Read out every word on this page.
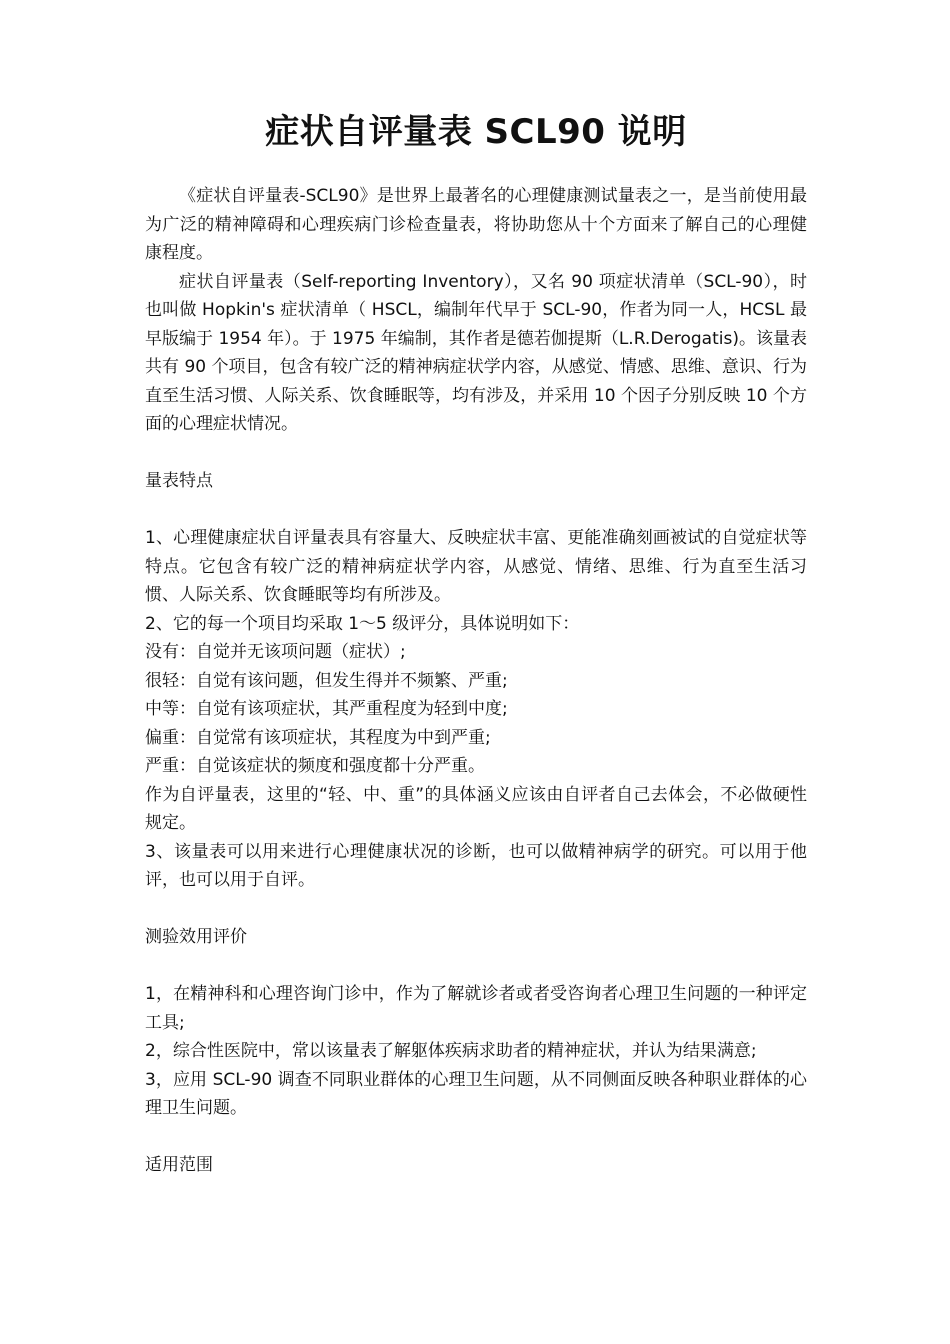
症状自评量表 SCL90 说明

《症状自评量表-SCL90》是世界上最著名的心理健康测试量表之一，是当前使用最为广泛的精神障碍和心理疾病门诊检查量表，将协助您从十个方面来了解自己的心理健康程度。

症状自评量表（Self-reporting Inventory），又名 90 项症状清单（SCL-90），时也叫做 Hopkin's 症状清单（ HSCL，编制年代早于 SCL-90，作者为同一人，HCSL 最早版编于 1954 年）。于 1975 年编制，其作者是德若伽提斯（L.R.Derogatis)。该量表共有 90 个项目，包含有较广泛的精神病症状学内容，从感觉、情感、思维、意识、行为直至生活习惯、人际关系、饮食睡眠等，均有涉及，并采用 10 个因子分别反映 10 个方面的心理症状情况。

量表特点

1、心理健康症状自评量表具有容量大、反映症状丰富、更能准确刻画被试的自觉症状等特点。它包含有较广泛的精神病症状学内容，从感觉、情绪、思维、行为直至生活习惯、人际关系、饮食睡眠等均有所涉及。

2、它的每一个项目均采取 1～5 级评分，具体说明如下：

没有：自觉并无该项问题（症状）;

很轻：自觉有该问题，但发生得并不频繁、严重;

中等：自觉有该项症状，其严重程度为轻到中度;

偏重：自觉常有该项症状，其程度为中到严重;

严重：自觉该症状的频度和强度都十分严重。

作为自评量表，这里的“轻、中、重”的具体涵义应该由自评者自己去体会，不必做硬性规定。

3、该量表可以用来进行心理健康状况的诊断，也可以做精神病学的研究。可以用于他评，也可以用于自评。

测验效用评价

1，在精神科和心理咨询门诊中，作为了解就诊者或者受咨询者心理卫生问题的一种评定工具;

2，综合性医院中，常以该量表了解躯体疾病求助者的精神症状，并认为结果满意;

3，应用 SCL-90 调查不同职业群体的心理卫生问题，从不同侧面反映各种职业群体的心理卫生问题。

适用范围
